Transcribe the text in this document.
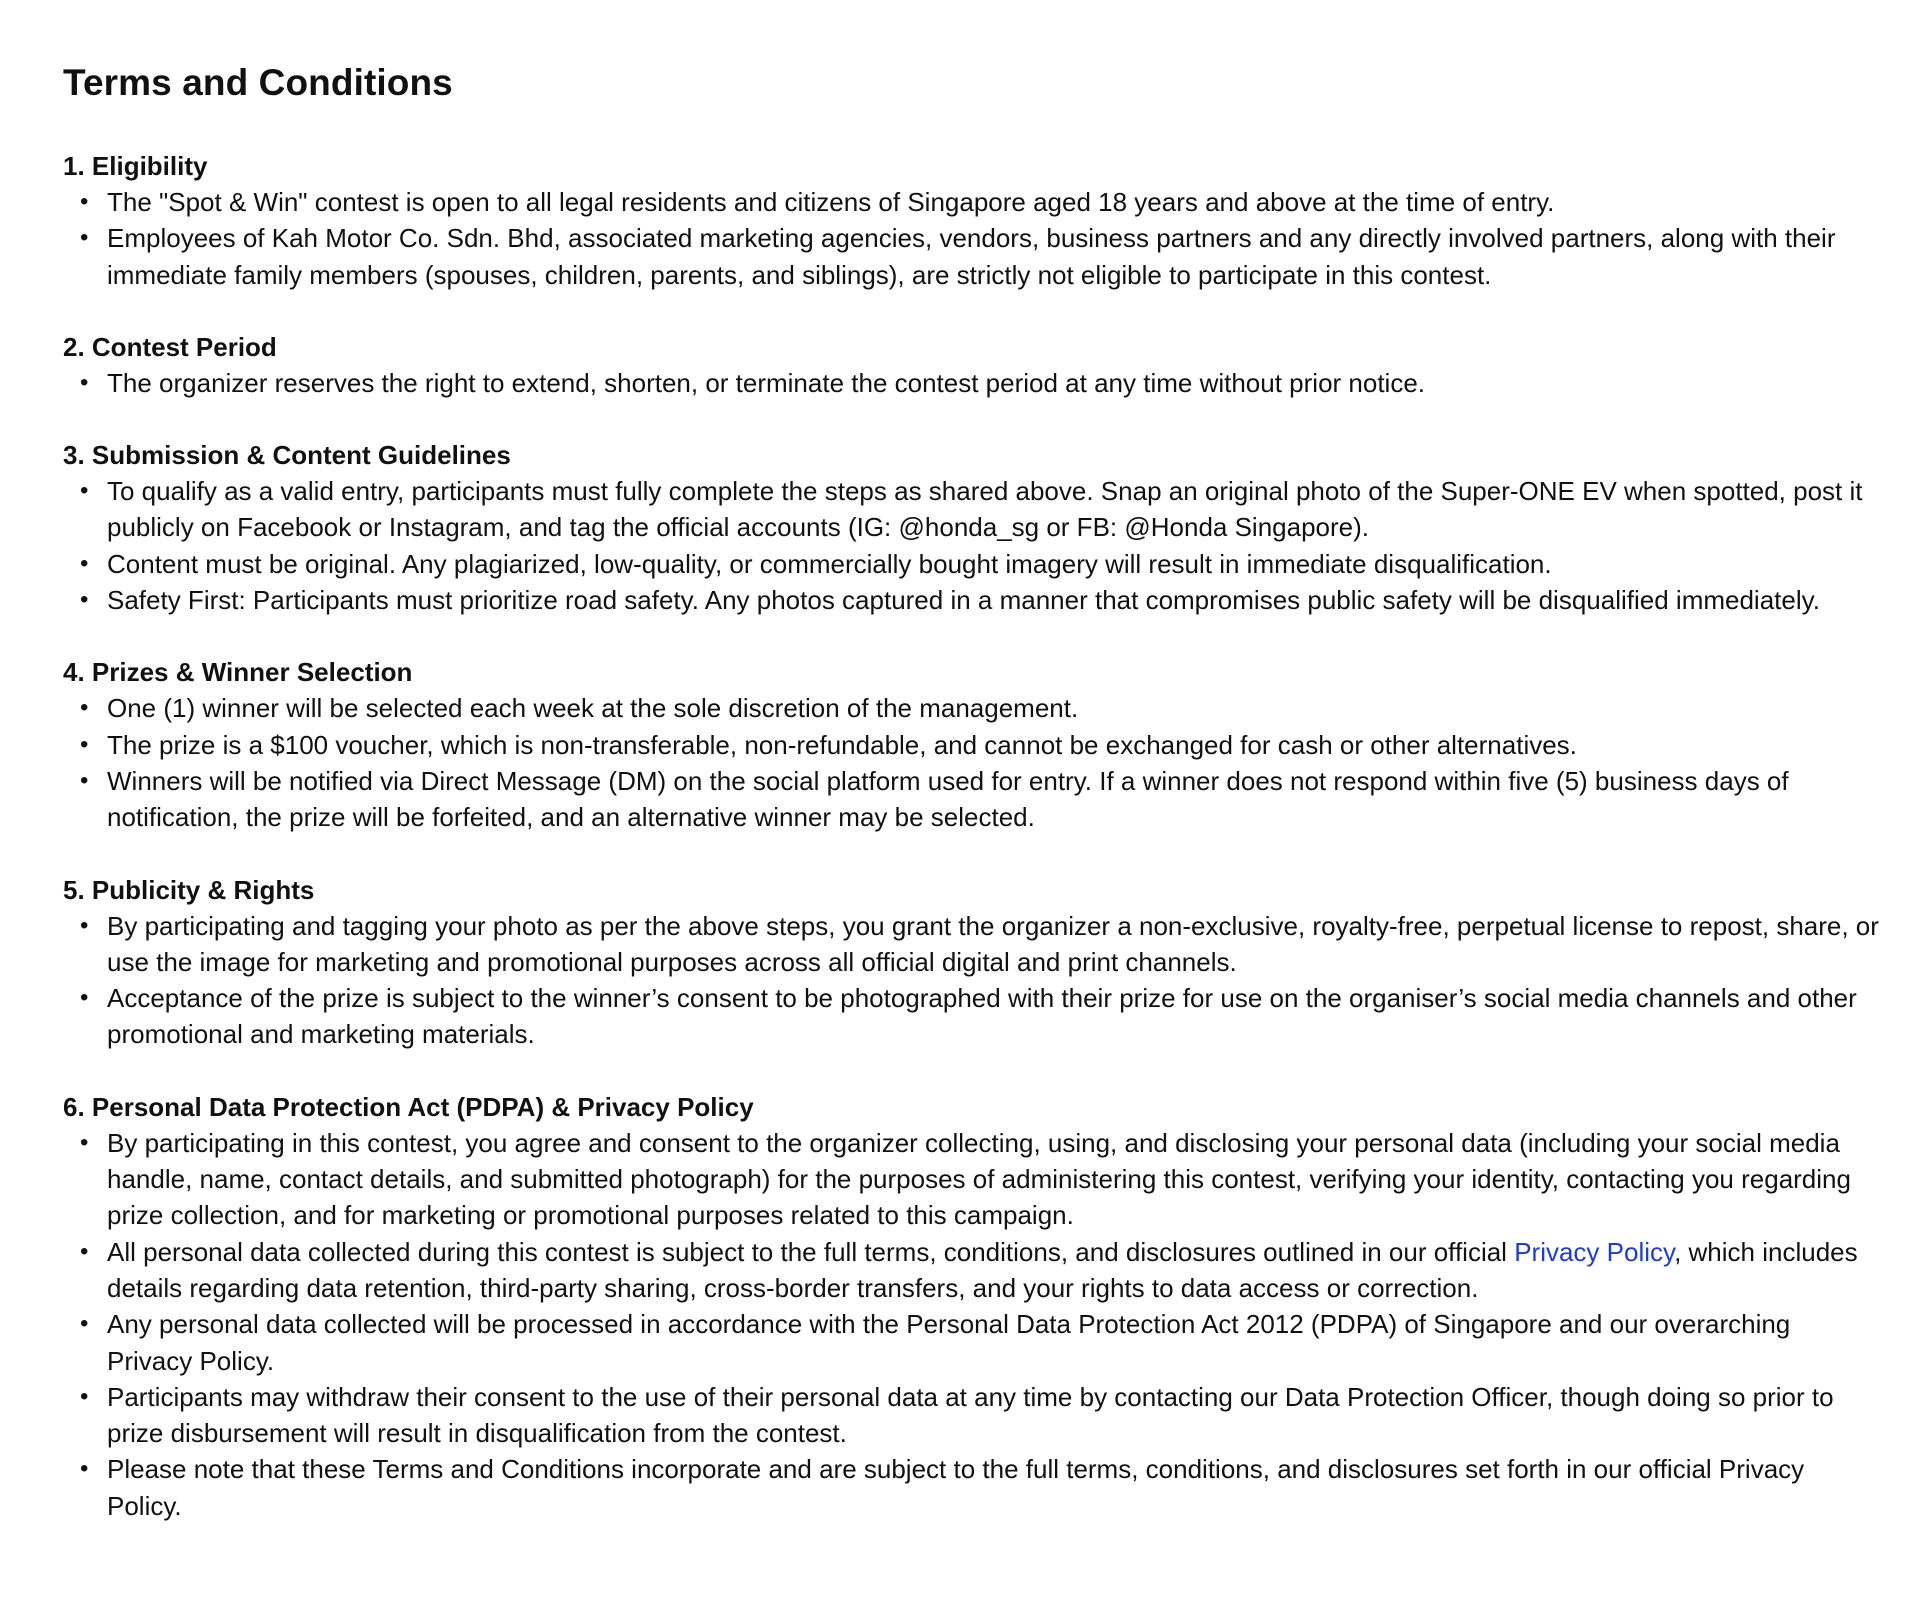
Terms and Conditions
1. Eligibility
• The "Spot & Win" contest is open to all legal residents and citizens of Singapore aged 18 years and above at the time of entry.
• Employees of Kah Motor Co. Sdn. Bhd, associated marketing agencies, vendors, business partners and any directly involved partners, along with their immediate family members (spouses, children, parents, and siblings), are strictly not eligible to participate in this contest.
2. Contest Period
• The organizer reserves the right to extend, shorten, or terminate the contest period at any time without prior notice.
3. Submission & Content Guidelines
• To qualify as a valid entry, participants must fully complete the steps as shared above. Snap an original photo of the Super-ONE EV when spotted, post it publicly on Facebook or Instagram, and tag the official accounts (IG: @honda_sg or FB: @Honda Singapore).
• Content must be original. Any plagiarized, low-quality, or commercially bought imagery will result in immediate disqualification.
• Safety First: Participants must prioritize road safety. Any photos captured in a manner that compromises public safety will be disqualified immediately.
4. Prizes & Winner Selection
• One (1) winner will be selected each week at the sole discretion of the management.
• The prize is a $100 voucher, which is non-transferable, non-refundable, and cannot be exchanged for cash or other alternatives.
• Winners will be notified via Direct Message (DM) on the social platform used for entry. If a winner does not respond within five (5) business days of notification, the prize will be forfeited, and an alternative winner may be selected.
5. Publicity & Rights
• By participating and tagging your photo as per the above steps, you grant the organizer a non-exclusive, royalty-free, perpetual license to repost, share, or use the image for marketing and promotional purposes across all official digital and print channels.
• Acceptance of the prize is subject to the winner’s consent to be photographed with their prize for use on the organiser’s social media channels and other promotional and marketing materials.
6. Personal Data Protection Act (PDPA) & Privacy Policy
• By participating in this contest, you agree and consent to the organizer collecting, using, and disclosing your personal data (including your social media handle, name, contact details, and submitted photograph) for the purposes of administering this contest, verifying your identity, contacting you regarding prize collection, and for marketing or promotional purposes related to this campaign.
• All personal data collected during this contest is subject to the full terms, conditions, and disclosures outlined in our official Privacy Policy, which includes details regarding data retention, third-party sharing, cross-border transfers, and your rights to data access or correction.
• Any personal data collected will be processed in accordance with the Personal Data Protection Act 2012 (PDPA) of Singapore and our overarching Privacy Policy.
• Participants may withdraw their consent to the use of their personal data at any time by contacting our Data Protection Officer, though doing so prior to prize disbursement will result in disqualification from the contest.
• Please note that these Terms and Conditions incorporate and are subject to the full terms, conditions, and disclosures set forth in our official Privacy Policy.
